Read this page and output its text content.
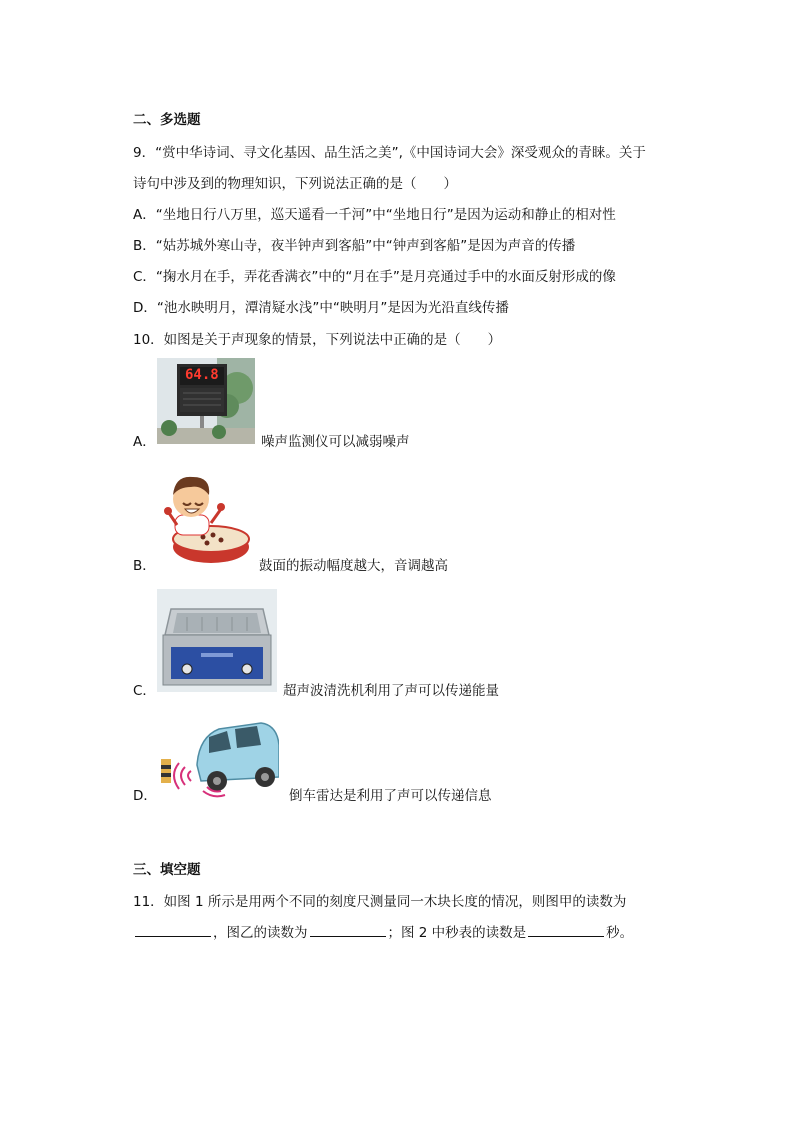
二、多选题
9．“赏中华诗词、寻文化基因、品生活之美”,《中国诗词大会》深受观众的青睐。关于
诗句中涉及到的物理知识，下列说法正确的是（　　）
A．“坐地日行八万里，巡天遥看一千河”中“坐地日行”是因为运动和静止的相对性
B．“姑苏城外寒山寺，夜半钟声到客船”中“钟声到客船”是因为声音的传播
C．“掬水月在手，弄花香满衣”中的“月在手”是月亮通过手中的水面反射形成的像
D．“池水映明月，潭清疑水浅”中“映明月”是因为光沿直线传播
10．如图是关于声现象的情景，下列说法中正确的是（　　）
A．
64.8
噪声监测仪可以减弱噪声
B．	鼓面的振动幅度越大，音调越高
C．	超声波清洗机利用了声可以传递能量
D．	倒车雷达是利用了声可以传递信息
三、填空题
11．如图 1 所示是用两个不同的刻度尺测量同一木块长度的情况，则图甲的读数为
，图乙的读数为	；图 2 中秒表的读数是	秒。
